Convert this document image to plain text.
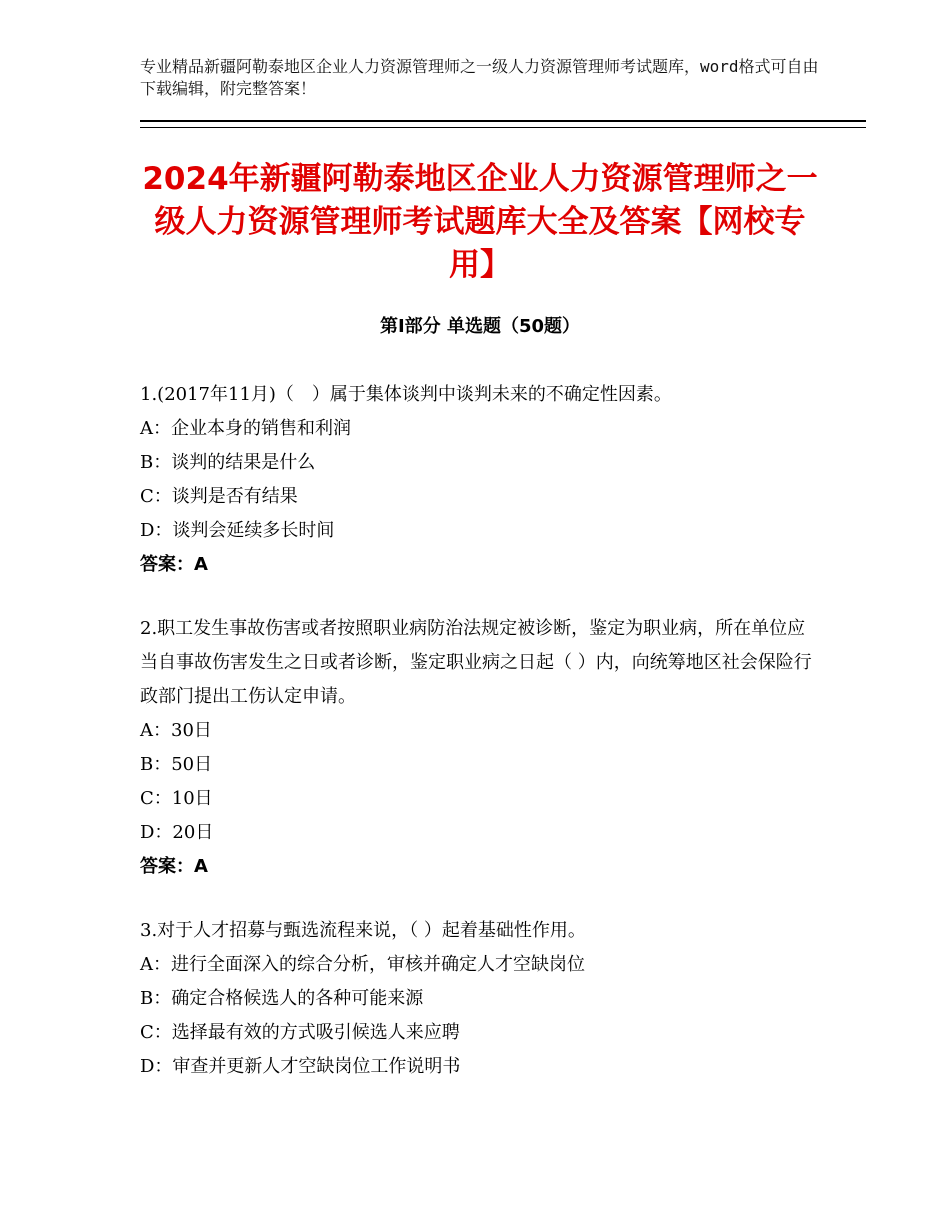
专业精品新疆阿勒泰地区企业人力资源管理师之一级人力资源管理师考试题库，word格式可自由下载编辑，附完整答案！
2024年新疆阿勒泰地区企业人力资源管理师之一级人力资源管理师考试题库大全及答案【网校专用】
第Ⅰ部分 单选题（50题）
1.(2017年11月)（　）属于集体谈判中谈判未来的不确定性因素。
A：企业本身的销售和利润
B：谈判的结果是什么
C：谈判是否有结果
D：谈判会延续多长时间
答案：A
2.职工发生事故伤害或者按照职业病防治法规定被诊断，鉴定为职业病，所在单位应当自事故伤害发生之日或者诊断，鉴定职业病之日起（ ）内，向统筹地区社会保险行政部门提出工伤认定申请。
A：30日
B：50日
C：10日
D：20日
答案：A
3.对于人才招募与甄选流程来说，（ ）起着基础性作用。
A：进行全面深入的综合分析，审核并确定人才空缺岗位
B：确定合格候选人的各种可能来源
C：选择最有效的方式吸引候选人来应聘
D：审查并更新人才空缺岗位工作说明书
